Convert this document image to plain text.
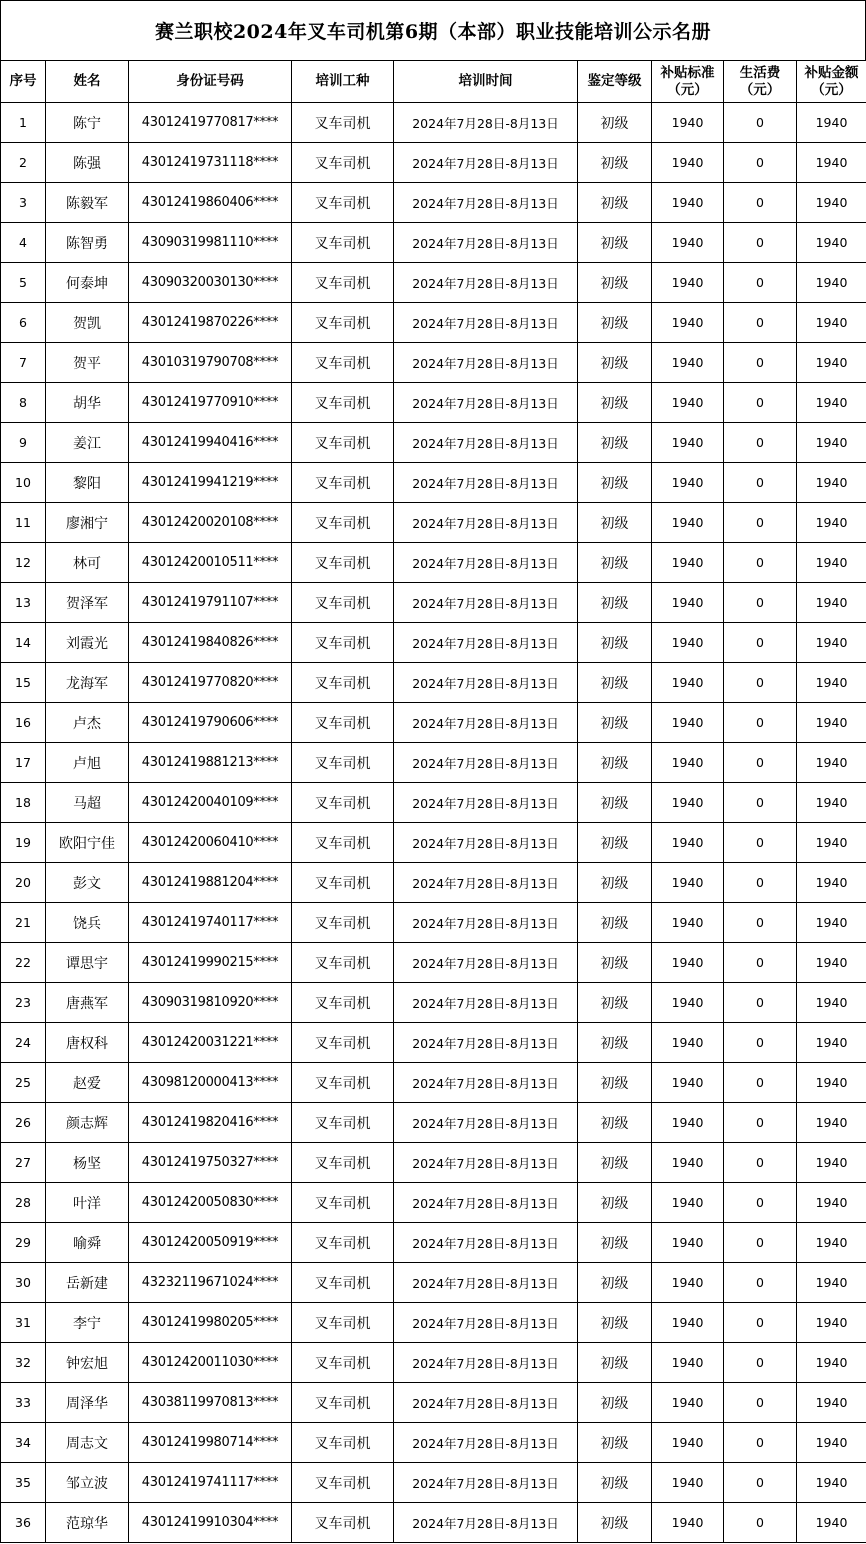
赛兰职校2024年叉车司机第6期（本部）职业技能培训公示名册
序号	姓名	身份证号码	培训工种	培训时间	鉴定等级	补贴标准（元）	生活费（元）	补贴金额（元）
1	陈宁	43012419770817****	叉车司机	2024年7月28日-8月13日	初级	1940	0	1940
2	陈强	43012419731118****	叉车司机	2024年7月28日-8月13日	初级	1940	0	1940
3	陈毅军	43012419860406****	叉车司机	2024年7月28日-8月13日	初级	1940	0	1940
4	陈智勇	43090319981110****	叉车司机	2024年7月28日-8月13日	初级	1940	0	1940
5	何泰坤	43090320030130****	叉车司机	2024年7月28日-8月13日	初级	1940	0	1940
6	贺凯	43012419870226****	叉车司机	2024年7月28日-8月13日	初级	1940	0	1940
7	贺平	43010319790708****	叉车司机	2024年7月28日-8月13日	初级	1940	0	1940
8	胡华	43012419770910****	叉车司机	2024年7月28日-8月13日	初级	1940	0	1940
9	姜江	43012419940416****	叉车司机	2024年7月28日-8月13日	初级	1940	0	1940
10	黎阳	43012419941219****	叉车司机	2024年7月28日-8月13日	初级	1940	0	1940
11	廖湘宁	43012420020108****	叉车司机	2024年7月28日-8月13日	初级	1940	0	1940
12	林可	43012420010511****	叉车司机	2024年7月28日-8月13日	初级	1940	0	1940
13	贺泽军	43012419791107****	叉车司机	2024年7月28日-8月13日	初级	1940	0	1940
14	刘霞光	43012419840826****	叉车司机	2024年7月28日-8月13日	初级	1940	0	1940
15	龙海军	43012419770820****	叉车司机	2024年7月28日-8月13日	初级	1940	0	1940
16	卢杰	43012419790606****	叉车司机	2024年7月28日-8月13日	初级	1940	0	1940
17	卢旭	43012419881213****	叉车司机	2024年7月28日-8月13日	初级	1940	0	1940
18	马超	43012420040109****	叉车司机	2024年7月28日-8月13日	初级	1940	0	1940
19	欧阳宁佳	43012420060410****	叉车司机	2024年7月28日-8月13日	初级	1940	0	1940
20	彭文	43012419881204****	叉车司机	2024年7月28日-8月13日	初级	1940	0	1940
21	饶兵	43012419740117****	叉车司机	2024年7月28日-8月13日	初级	1940	0	1940
22	谭思宇	43012419990215****	叉车司机	2024年7月28日-8月13日	初级	1940	0	1940
23	唐燕军	43090319810920****	叉车司机	2024年7月28日-8月13日	初级	1940	0	1940
24	唐权科	43012420031221****	叉车司机	2024年7月28日-8月13日	初级	1940	0	1940
25	赵爱	43098120000413****	叉车司机	2024年7月28日-8月13日	初级	1940	0	1940
26	颜志辉	43012419820416****	叉车司机	2024年7月28日-8月13日	初级	1940	0	1940
27	杨坚	43012419750327****	叉车司机	2024年7月28日-8月13日	初级	1940	0	1940
28	叶洋	43012420050830****	叉车司机	2024年7月28日-8月13日	初级	1940	0	1940
29	喻舜	43012420050919****	叉车司机	2024年7月28日-8月13日	初级	1940	0	1940
30	岳新建	43232119671024****	叉车司机	2024年7月28日-8月13日	初级	1940	0	1940
31	李宁	43012419980205****	叉车司机	2024年7月28日-8月13日	初级	1940	0	1940
32	钟宏旭	43012420011030****	叉车司机	2024年7月28日-8月13日	初级	1940	0	1940
33	周泽华	43038119970813****	叉车司机	2024年7月28日-8月13日	初级	1940	0	1940
34	周志文	43012419980714****	叉车司机	2024年7月28日-8月13日	初级	1940	0	1940
35	邹立波	43012419741117****	叉车司机	2024年7月28日-8月13日	初级	1940	0	1940
36	范琼华	43012419910304****	叉车司机	2024年7月28日-8月13日	初级	1940	0	1940
